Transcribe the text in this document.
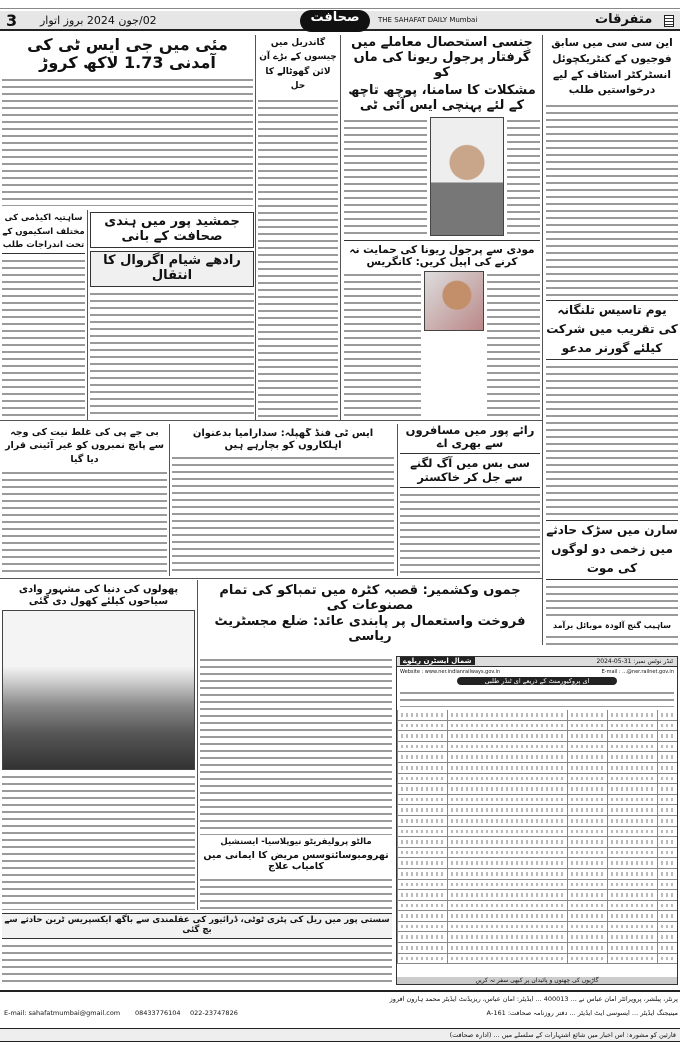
3 02/جون 2024 بروز اتوار	صحافت	THE SAHAFAT DAILY Mumbai	متفرقات
این سی سی میں سابق فوجیوں کے کنٹریکچوئل انسٹرکٹر اسٹاف کے لیے درخواستیں طلب
یوم تاسیس تلنگانہ کی تقریب میں شرکت کیلئے گورنر مدعو
سارن میں سڑک حادثے میں زخمی دو لوگوں کی موت
ساہیب گنج آلودہ موبائل برآمد
جنسی استحصال معاملے میں گرفتار پرجول ریونا کی ماں کو
مشکلات کا سامنا، پوچھ تاچھ کے لئے پہنچی ایس آئی ٹی
مودی سے پرجول ریونا کی حمایت نہ کرنے کی اپیل کریں: کانگریس
گاندربل میں چیسوں کے بڑے آن لائن گھوٹالے کا حل
مئی میں جی ایس ٹی کی آمدنی 1.73 لاکھ کروڑ
جمشید پور میں ہندی صحافت کے بانی
رادھے شیام اگروال کا انتقال
ساہتیہ اکیڈمی کی مختلف اسکیموں کے تحت اندراجات طلب
رائے پور میں مسافروں سے بھری اے
سی بس میں آگ لگنے سے جل کر خاکستر
ایس ٹی فنڈ گھپلہ: سدارامیا بدعنوان اہلکاروں کو بچارہے ہیں
بی جے پی کی غلط نیت کی وجہ سے پانچ نمبروں کو غیر آئینی قرار دیا گیا
پھولوں کی دنیا کی مشہور وادی سیاحوں کیلئے کھول دی گئی
جموں وکشمیر: قصبہ کٹرہ میں تمباکو کی تمام مصنوعات کی
فروخت واستعمال پر پابندی عائد: ضلع مجسٹریٹ ریاسی
مالٹو پرولیفریٹو نیوپلاسیا- ایسنشیل
تھرومبوسائتوسس مریض کا ایمانی میں کامیاب علاج
شمال ایسٹرن ریلوے	ٹنڈر نوٹس نمبر: 31-05-2024
Website : www.ner.indianrailways.gov.in	E-mail : ...@ner.railnet.gov.in
ای پروکیورمنٹ کے ذریعے ای ٹنڈر طلبی
گاڑیوں کی چھتوں و پائیدان پر کبھی سفر نہ کریں
سستی پور میں ریل کی پٹری ٹوٹی، ڈرائیور کی عقلمندی سے باگھ ایکسپریس ٹرین حادثے سے بچ گئی
پرنٹر، پبلشر، پروپرائٹر امان عباس نے ... 400013 ... ایڈیٹر: امان عباس، ریزیڈنٹ ایڈیٹر محمد ہارون افروز
مینیجنگ ایڈیٹر ... ایسوسی ایٹ ایڈیٹر ... دفتر روزنامہ صحافت: 161-A
E-mail: sahafatmumbai@gmail.com 08433776104 022-23747826
قارئین کو مشورہ: اس اخبار میں شائع اشتہارات کے سلسلے میں ... (ادارہ صحافت)
